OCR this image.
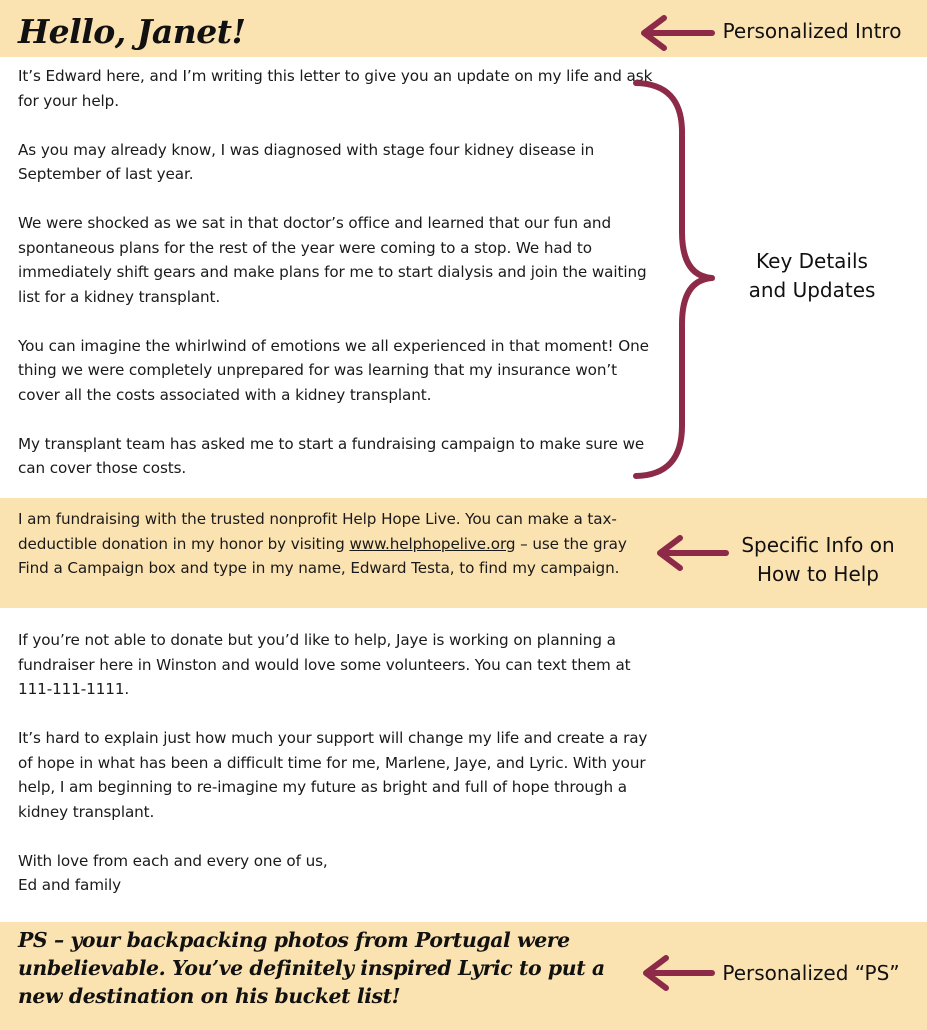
Hello, Janet!

It’s Edward here, and I’m writing this letter to give you an update on my life and ask for your help.

As you may already know, I was diagnosed with stage four kidney disease in September of last year.

We were shocked as we sat in that doctor’s office and learned that our fun and spontaneous plans for the rest of the year were coming to a stop. We had to immediately shift gears and make plans for me to start dialysis and join the waiting list for a kidney transplant.

You can imagine the whirlwind of emotions we all experienced in that moment! One thing we were completely unprepared for was learning that my insurance won’t cover all the costs associated with a kidney transplant.

My transplant team has asked me to start a fundraising campaign to make sure we can cover those costs.

I am fundraising with the trusted nonprofit Help Hope Live. You can make a tax-deductible donation in my honor by visiting www.helphopelive.org – use the gray Find a Campaign box and type in my name, Edward Testa, to find my campaign.

If you’re not able to donate but you’d like to help, Jaye is working on planning a fundraiser here in Winston and would love some volunteers. You can text them at 111-111-1111.

It’s hard to explain just how much your support will change my life and create a ray of hope in what has been a difficult time for me, Marlene, Jaye, and Lyric. With your help, I am beginning to re-imagine my future as bright and full of hope through a kidney transplant.

With love from each and every one of us,
Ed and family

PS – your backpacking photos from Portugal were unbelievable. You’ve definitely inspired Lyric to put a new destination on his bucket list!

Personalized Intro
Key Details
and Updates
Specific Info on
How to Help
Personalized “PS”
